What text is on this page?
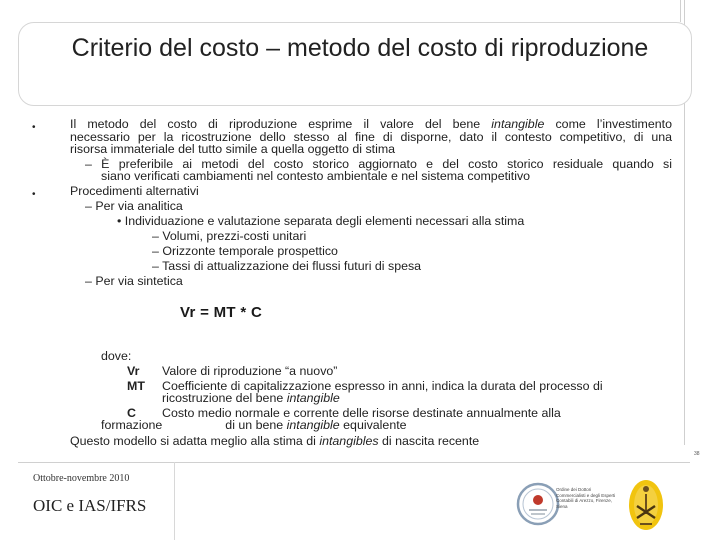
Criterio del costo – metodo del costo di riproduzione
•	Il metodo del costo di riproduzione esprime il valore del bene intangible come l’investimento
necessario per la ricostruzione dello stesso al fine di disporne, dato il contesto competitivo, di una
risorsa immateriale del tutto simile a quella oggetto di stima
– È preferibile ai metodi del costo storico aggiornato e del costo storico residuale quando si
siano verificati cambiamenti nel contesto ambientale e nel sistema competitivo
•	Procedimenti alternativi
– Per via analitica
• Individuazione e valutazione separata degli elementi necessari alla stima
– Volumi, prezzi-costi unitari
– Orizzonte temporale prospettico
– Tassi di attualizzazione dei flussi futuri di spesa
– Per via sintetica
dove:
Vr Valore di riproduzione “a nuovo”
MT Coefficiente di capitalizzazione espresso in anni, indica la durata del processo di
ricostruzione del bene intangible
C Costo medio normale e corrente delle risorse destinate annualmente alla
formazione	di un bene intangible equivalente
Questo modello si adatta meglio alla stima di intangibles di nascita recente
Vr = MT * C
38
Ottobre-novembre 2010
OIC e IAS/IFRS
Ordine dei Dottori Commercialisti e degli Esperti Contabili di Arezzo, Firenze, Siena
